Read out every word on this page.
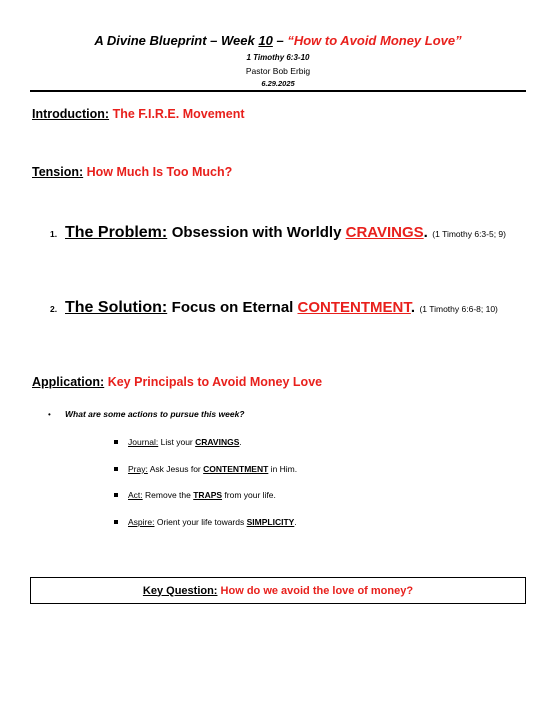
A Divine Blueprint – Week 10 – “How to Avoid Money Love”
1 Timothy 6:3-10
Pastor Bob Erbig
6.29.2025
Introduction: The F.I.R.E. Movement
Tension: How Much Is Too Much?
1. The Problem: Obsession with Worldly CRAVINGS. (1 Timothy 6:3-5; 9)
2. The Solution: Focus on Eternal CONTENTMENT. (1 Timothy 6:6-8; 10)
Application: Key Principals to Avoid Money Love
• What are some actions to pursue this week?
Journal: List your CRAVINGS.
Pray: Ask Jesus for CONTENTMENT in Him.
Act: Remove the TRAPS from your life.
Aspire: Orient your life towards SIMPLICITY.
Key Question:
How do we avoid the love of money?
